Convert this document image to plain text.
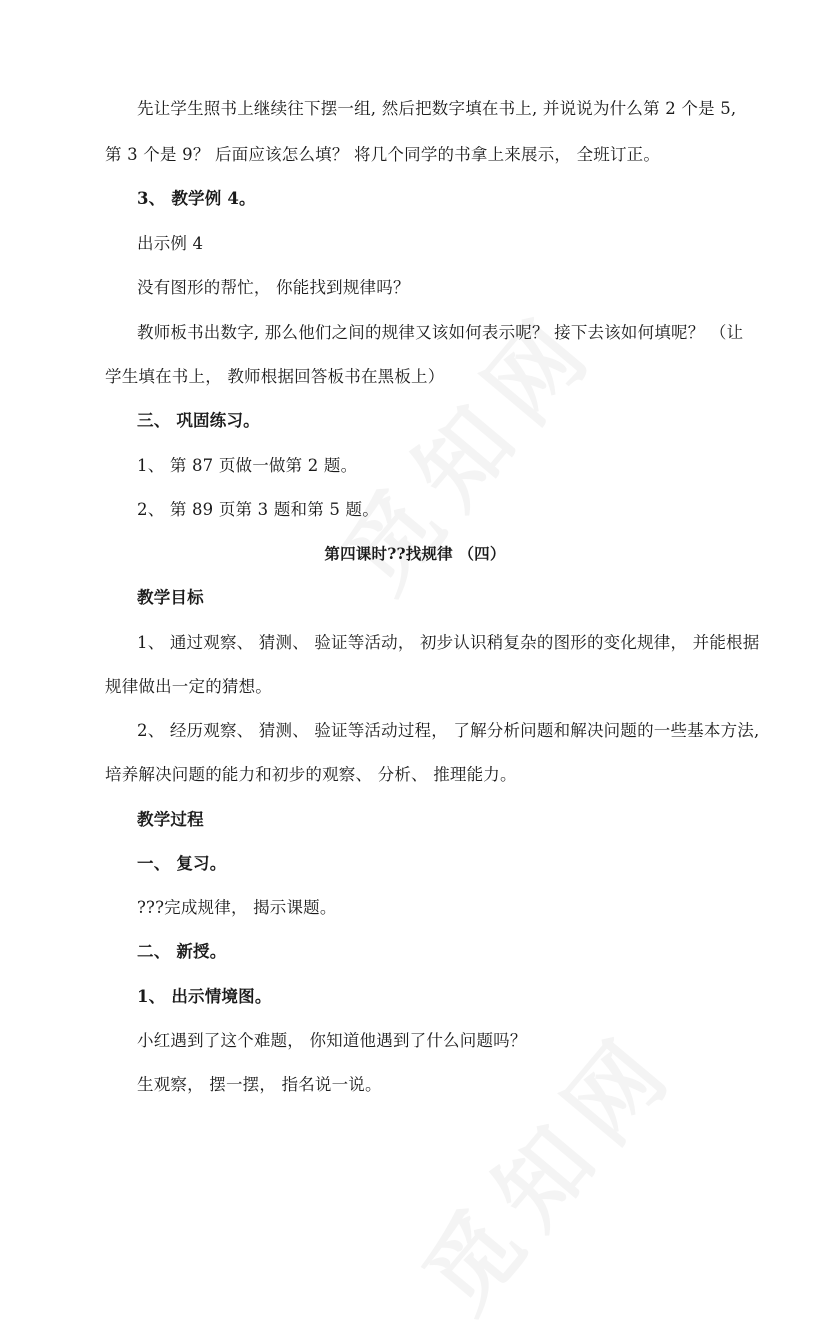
先让学生照书上继续往下摆一组, 然后把数字填在书上, 并说说为什么第 2 个是 5,
第 3 个是 9？ 后面应该怎么填？ 将几个同学的书拿上来展示， 全班订正。
3、 教学例 4。
出示例 4
没有图形的帮忙， 你能找到规律吗？
教师板书出数字, 那么他们之间的规律又该如何表示呢？ 接下去该如何填呢？ （让
学生填在书上， 教师根据回答板书在黑板上）
三、 巩固练习。
1、 第 87 页做一做第 2 题。
2、 第 89 页第 3 题和第 5 题。
第四课时??找规律 （四）
教学目标
1、 通过观察、 猜测、 验证等活动， 初步认识稍复杂的图形的变化规律， 并能根据
规律做出一定的猜想。
2、 经历观察、 猜测、 验证等活动过程， 了解分析问题和解决问题的一些基本方法,
培养解决问题的能力和初步的观察、 分析、 推理能力。
教学过程
一、 复习。
???完成规律， 揭示课题。
二、 新授。
1、 出示情境图。
小红遇到了这个难题， 你知道他遇到了什么问题吗？
生观察， 摆一摆， 指名说一说。
